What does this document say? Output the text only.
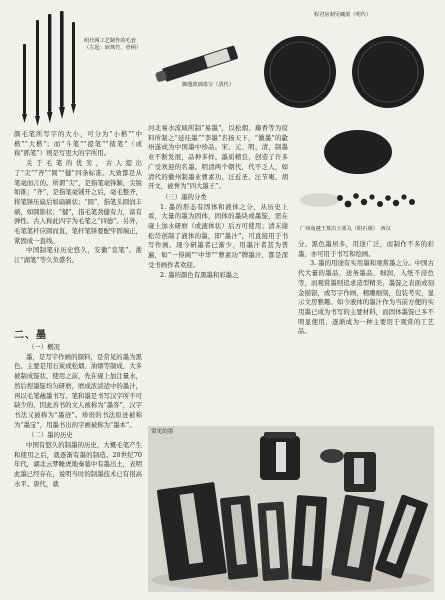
明代网工艺制作的毛套（左起：嵌珠竹、骨柄）
御题玻璃墨宝（清代）
程君房制吴曦墨（明代）
广州南越王墓出土墨丸（附石砚）　西汉

颜毛笔所写字的大小，可分为“小楷”“中楷”“大楷”；而“斗笔”“提笔”“揸笔”（或称“抓笔”）则是写更大的字所用。

关于毛笔的优劣，古人提出了“尖”“齐”“圆”“健”四条标准。大致都是从笔毫而言的。所谓“尖”，是指笔毫锋颖，尖锐如锥；“齐”，是指笔毫铺开之后，毫毛整齐，将笔锋压扁后如扁刷状；“圆”，指笔头圆润丰硕，如圆锥状；“健”，指毛笔劲健有力，富有弹性。古人称此四字为毛笔之“四德”。另外，毛笔笔杆应圆而直，笔杆笔锋要配牢固端正，紧固成一直线。

中国制笔业历史悠久，安徽“宣笔”、浙江“湖笔”等久负盛名。

二、墨

（一）概况

墨，是写字作画的颜料，是常见的墨为黑色。主要是用石炭或松烟、油烟等制成，大多被制成锭状，使用之前，先在砚上加注量水，然后捏墨锭均匀研磨，磨成浓淡适中的墨汁，再以毛笔蘸墨书写。笔和墨是书写汉字所不可缺少的，因此善书的文人被称为“墨客”，汉字书法又被称为“墨迹”。珍贵的书法原迹被称为“墨宝”，用墨书出的字画被称为“墨本”。

（二）墨的历史

中国有悠久的制墨的历史，大概毛笔产生和使用之后，就逐渐有墨的制造。20世纪70年代，湖北云梦睡虎地秦墓中有墨出土，表明此墨已经存在，说明当时的制墨技术已有很高水平。唐代，就

河北易水流域所制“易墨”，以松烟、麝香等为原料所制之“延珪墨”“李墨”名扬天下，“徽墨”的歙州遂成为中国墨中珍品。宋、元、明、清，制墨业不断发展，品种多样。墨质精良，创造了许多广受欢迎的名墨。明清两个朝代，代不乏人，如清代的徽州制墨业曹素功、汪近圣、汪节庵、胡开文，被誉为“四大墨王”。

（三）墨的分类

1. 墨的形态有固体和液体之分，从历史上看，大量的墨为固体，固体的墨块或墨锭，需在砚上加水研磨（或液体状）后方可使用；清末谢松岱创制了液体的墨，即“墨汁”，可直接用于书写作画。现今研墨者已渐少，用墨汁者甚为普遍，如“一得阁”“中华”“曹素功”牌墨汁，都是深受书画作者欢迎。

2. 墨的颜色有黑墨和彩墨之

分。黑色墨居多，用途广泛，而制作不多的彩墨，亦可用于书写和绘画。

3. 墨的用途有实用墨和观赏墨之分。中国古代大量的墨品，送务墨品，细润，入纸不浸色等，而观赏墨则追求造型精美，墨锭之表面或刻金描银，或写字作画，精雕细刻，包装考究，显示文房雅趣。如今液体的墨汁作为当前方便的实用墨已成为书写的主要材料，而固体墨锭已多不明显使用，逐渐成为一种主要用于观赏的工艺品。

常见的墨
